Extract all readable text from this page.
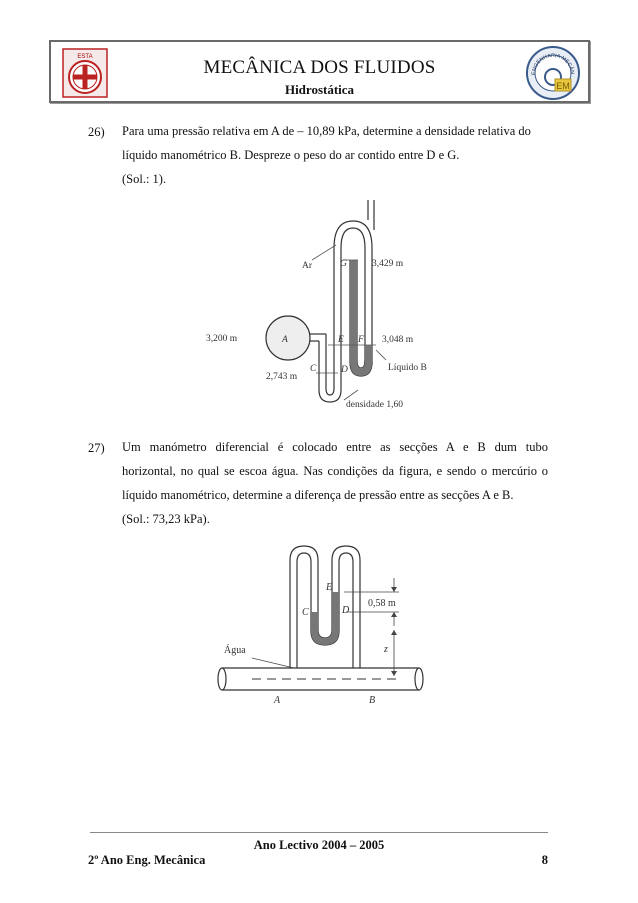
ESTA	MECÂNICA DOS FLUIDOS
Hidrostática
ENGENHARIA MECÂN
EM
26) Para uma pressão relativa em A de – 10,89 kPa, determine a densidade relativa do

líquido manométrico B. Despreze o peso do ar contido entre D e G.

(Sol.: 1).

Ar	G	3,429 m
3,200 m	A	E F 3,048 m
2,743 m
C	D	Líquido B
densidade 1,60
27) Um manómetro diferencial é colocado entre as secções A e B dum tubo

horizontal, no qual se escoa água. Nas condições da figura, e sendo o mercúrio o

líquido manométrico, determine a diferença de pressão entre as secções A e B.

(Sol.: 73,23 kPa).

E
C	D
0,58 m
Água	z
A	B
Ano Lectivo 2004 – 2005
2º Ano Eng. Mecânica	8
